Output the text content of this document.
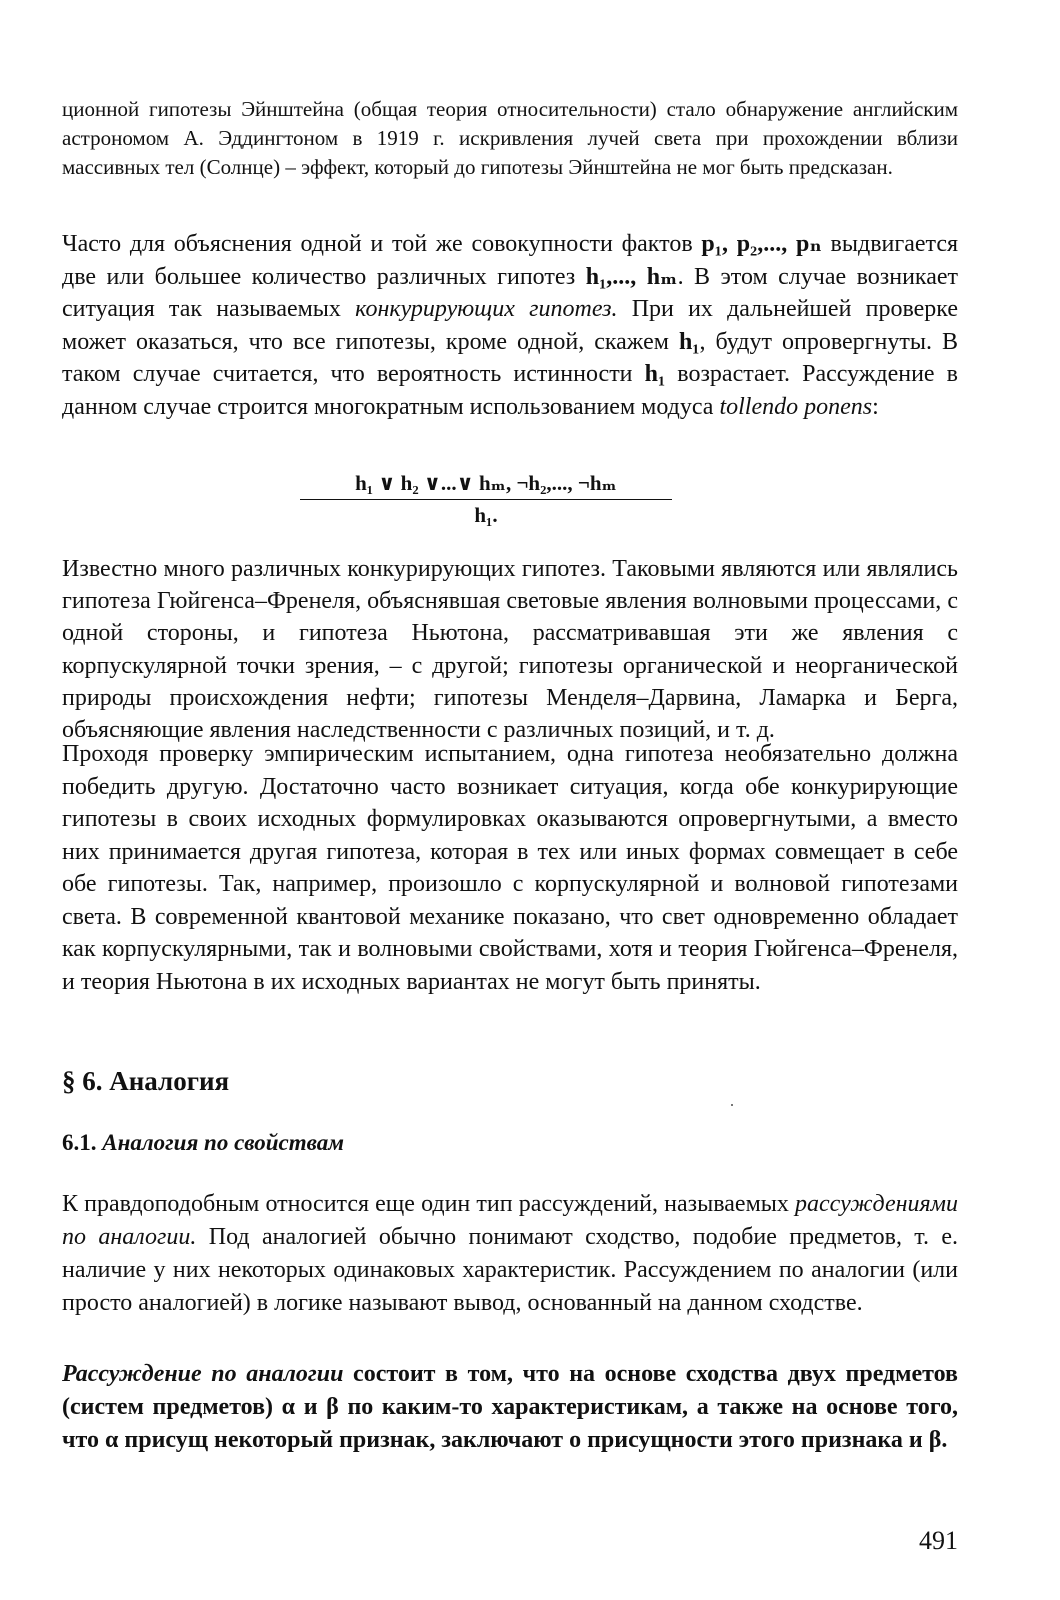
ционной гипотезы Эйнштейна (общая теория относительности) стало обнаружение английским астрономом А. Эддингтоном в 1919 г. искривления лучей света при прохождении вблизи массивных тел (Солнце) – эффект, который до гипотезы Эйнштейна не мог быть предсказан.
Часто для объяснения одной и той же совокупности фактов p₁, p₂,..., pₙ выдвигается две или большее количество различных гипотез h₁,..., hₘ. В этом случае возникает ситуация так называемых конкурирующих гипотез. При их дальнейшей проверке может оказаться, что все гипотезы, кроме одной, скажем h₁, будут опровергнуты. В таком случае считается, что вероятность истинности h₁ возрастает. Рассуждение в данном случае строится многократным использованием модуса tollendo ponens:
$\frac{\text{h₁ ∨ h₂ ∨...∨ hₘ, ¬h₂,..., ¬hₘ}}{\text{h₁.}}$
Известно много различных конкурирующих гипотез. Таковыми являются или являлись гипотеза Гюйгенса–Френеля, объяснявшая световые явления волновыми процессами, с одной стороны, и гипотеза Ньютона, рассматривавшая эти же явления с корпускулярной точки зрения, – с другой; гипотезы органической и неорганической природы происхождения нефти; гипотезы Менделя–Дарвина, Ламарка и Берга, объясняющие явления наследственности с различных позиций, и т. д.
Проходя проверку эмпирическим испытанием, одна гипотеза необязательно должна победить другую. Достаточно часто возникает ситуация, когда обе конкурирующие гипотезы в своих исходных формулировках оказываются опровергнутыми, а вместо них принимается другая гипотеза, которая в тех или иных формах совмещает в себе обе гипотезы. Так, например, произошло с корпускулярной и волновой гипотезами света. В современной квантовой механике показано, что свет одновременно обладает как корпускулярными, так и волновыми свойствами, хотя и теория Гюйгенса–Френеля, и теория Ньютона в их исходных вариантах не могут быть приняты.
§ 6. Аналогия
6.1. Аналогия по свойствам
К правдоподобным относится еще один тип рассуждений, называемых рассуждениями по аналогии. Под аналогией обычно понимают сходство, подобие предметов, т. е. наличие у них некоторых одинаковых характеристик. Рассуждением по аналогии (или просто аналогией) в логике называют вывод, основанный на данном сходстве.
Рассуждение по аналогии состоит в том, что на основе сходства двух предметов (систем предметов) α и β по каким-то характеристикам, а также на основе того, что α присущ некоторый признак, заключают о присущности этого признака и β.
491
